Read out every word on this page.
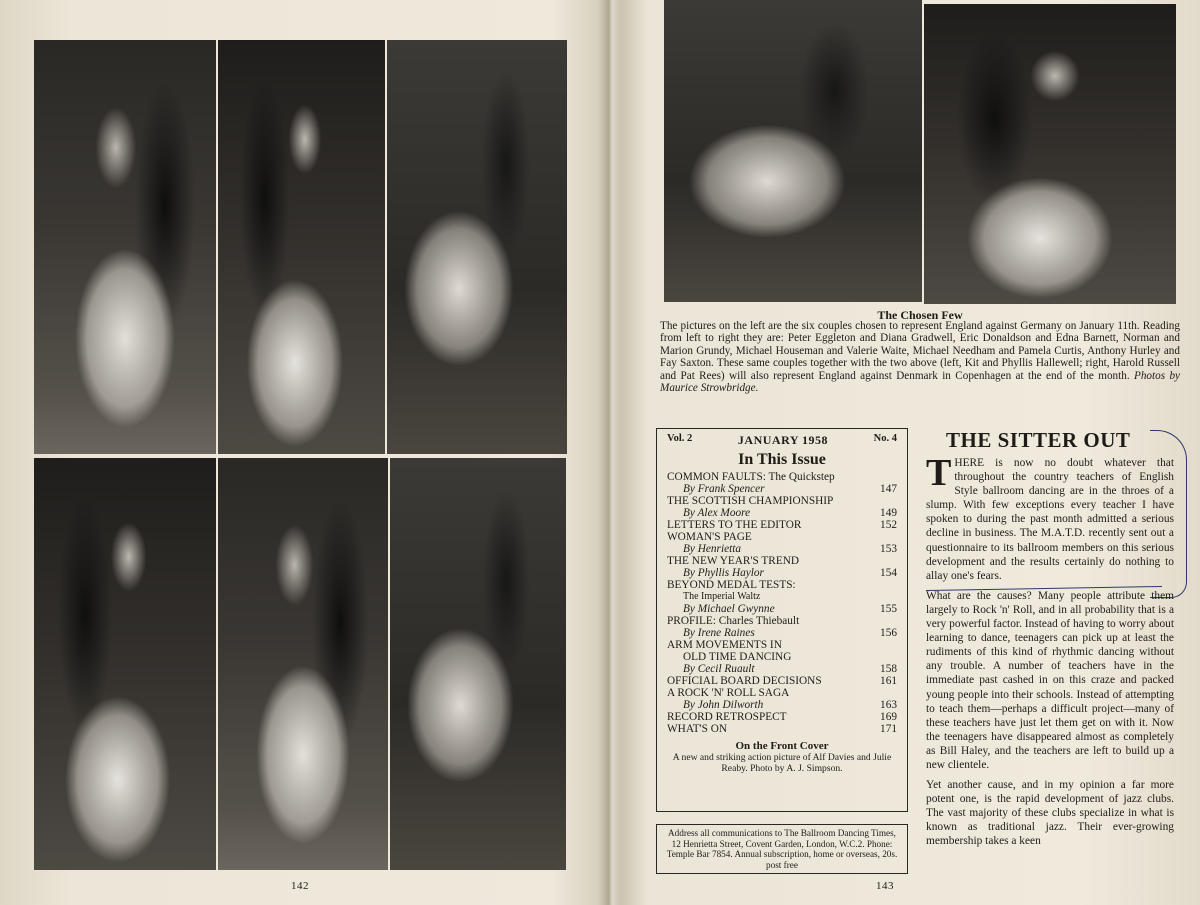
142
The Chosen Few
The pictures on the left are the six couples chosen to represent England against Germany on January 11th. Reading from left to right they are: Peter Eggleton and Diana Gradwell, Eric Donaldson and Edna Barnett, Norman and Marion Grundy, Michael Houseman and Valerie Waite, Michael Needham and Pamela Curtis, Anthony Hurley and Fay Saxton. These same couples together with the two above (left, Kit and Phyllis Hallewell; right, Harold Russell and Pat Rees) will also represent England against Denmark in Copenhagen at the end of the month. Photos by Maurice Strowbridge.
Vol. 2	JANUARY 1958	No. 4
In This Issue
COMMON FAULTS: The Quickstep
By Frank Spencer	147
THE SCOTTISH CHAMPIONSHIP
By Alex Moore	149
LETTERS TO THE EDITOR	152
WOMAN'S PAGE
By Henrietta	153
THE NEW YEAR'S TREND
By Phyllis Haylor	154
BEYOND MEDAL TESTS:
The Imperial Waltz
By Michael Gwynne	155
PROFILE: Charles Thiebault
By Irene Raines	156
ARM MOVEMENTS IN
OLD TIME DANCING
By Cecil Ruault	158
OFFICIAL BOARD DECISIONS	161
A ROCK 'N' ROLL SAGA
By John Dilworth	163
RECORD RETROSPECT	169
WHAT'S ON	171
On the Front Cover
A new and striking action picture of Alf Davies and Julie Reaby. Photo by A. J. Simpson.
Address all communications to The Ballroom Dancing Times, 12 Henrietta Street, Covent Garden, London, W.C.2. Phone: Temple Bar 7854. Annual subscription, home or overseas, 20s. post free
THE SITTER OUT

THERE is now no doubt whatever that throughout the country teachers of English Style ballroom dancing are in the throes of a slump. With few exceptions every teacher I have spoken to during the past month admitted a serious decline in business. The M.A.T.D. recently sent out a questionnaire to its ballroom members on this serious development and the results certainly do nothing to allay one's fears.

What are the causes? Many people attribute them largely to Rock 'n' Roll, and in all probability that is a very powerful factor. Instead of having to worry about learning to dance, teenagers can pick up at least the rudiments of this kind of rhythmic dancing without any trouble. A number of teachers have in the immediate past cashed in on this craze and packed young people into their schools. Instead of attempting to teach them—perhaps a difficult project—many of these teachers have just let them get on with it. Now the teenagers have disappeared almost as completely as Bill Haley, and the teachers are left to build up a new clientele.

Yet another cause, and in my opinion a far more potent one, is the rapid development of jazz clubs. The vast majority of these clubs specialize in what is known as traditional jazz. Their ever-growing membership takes a keen

143
